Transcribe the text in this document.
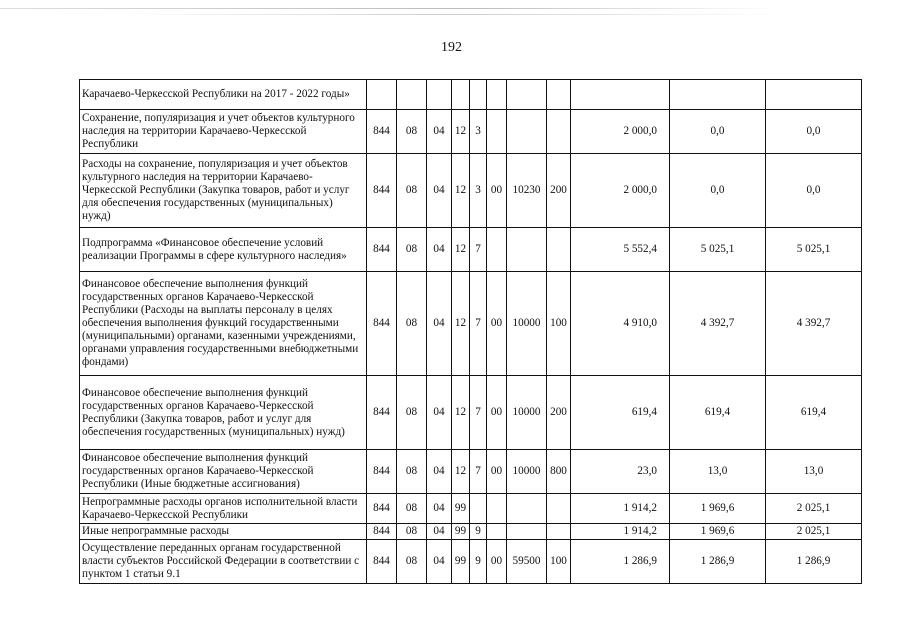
192
Карачаево-Черкесской Республики на 2017 - 2022 годы»											
Сохранение, популяризация и учет объектов культурного наследия на территории Карачаево-Черкесской Республики	844	08	04	12	3				2 000,0	0,0	0,0
Расходы на сохранение, популяризация и учет объектов культурного наследия на территории Карачаево-Черкесской Республики (Закупка товаров, работ и услуг для обеспечения государственных (муниципальных) нужд)	844	08	04	12	3	00	10230	200	2 000,0	0,0	0,0
Подпрограмма «Финансовое обеспечение условий реализации Программы в сфере культурного наследия»	844	08	04	12	7				5 552,4	5 025,1	5 025,1
Финансовое обеспечение выполнения функций государственных органов Карачаево-Черкесской Республики (Расходы на выплаты персоналу в целях обеспечения выполнения функций государственными (муниципальными) органами, казенными учреждениями, органами управления государственными внебюджетными фондами)	844	08	04	12	7	00	10000	100	4 910,0	4 392,7	4 392,7
Финансовое обеспечение выполнения функций государственных органов Карачаево-Черкесской Республики (Закупка товаров, работ и услуг для обеспечения государственных (муниципальных) нужд)	844	08	04	12	7	00	10000	200	619,4	619,4	619,4
Финансовое обеспечение выполнения функций государственных органов Карачаево-Черкесской Республики (Иные бюджетные ассигнования)	844	08	04	12	7	00	10000	800	23,0	13,0	13,0
Непрограммные расходы органов исполнительной власти Карачаево-Черкесской Республики	844	08	04	99					1 914,2	1 969,6	2 025,1
Иные непрограммные расходы	844	08	04	99	9				1 914,2	1 969,6	2 025,1
Осуществление переданных органам государственной власти субъектов Российской Федерации в соответствии с пунктом 1 статьи 9.1	844	08	04	99	9	00	59500	100	1 286,9	1 286,9	1 286,9
